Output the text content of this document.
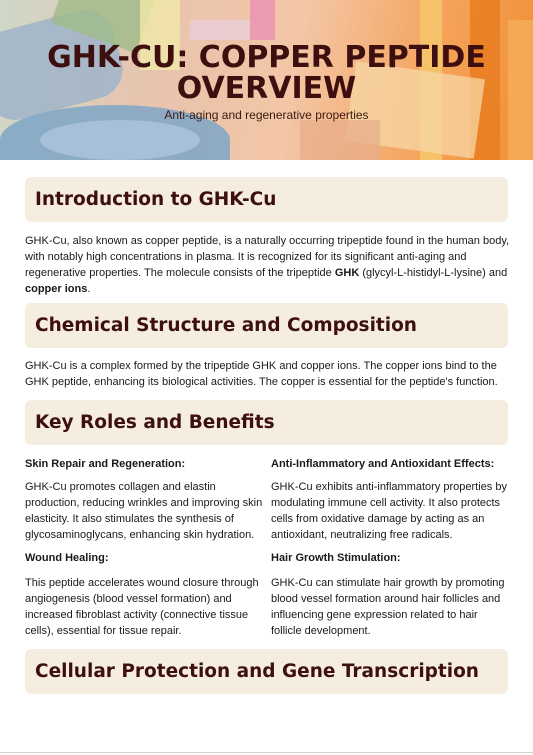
GHK-CU: COPPER PEPTIDE OVERVIEW

Anti-aging and regenerative properties

Introduction to GHK-Cu

GHK-Cu, also known as copper peptide, is a naturally occurring tripeptide found in the human body, with notably high concentrations in plasma. It is recognized for its significant anti-aging and regenerative properties. The molecule consists of the tripeptide GHK (glycyl-L-histidyl-L-lysine) and copper ions.

Chemical Structure and Composition

GHK-Cu is a complex formed by the tripeptide GHK and copper ions. The copper ions bind to the GHK peptide, enhancing its biological activities. The copper is essential for the peptide's function.

Key Roles and Benefits

Skin Repair and Regeneration:

GHK-Cu promotes collagen and elastin production, reducing wrinkles and improving skin elasticity. It also stimulates the synthesis of glycosaminoglycans, enhancing skin hydration.

Anti-Inflammatory and Antioxidant Effects:

GHK-Cu exhibits anti-inflammatory properties by modulating immune cell activity. It also protects cells from oxidative damage by acting as an antioxidant, neutralizing free radicals.

Wound Healing:

This peptide accelerates wound closure through angiogenesis (blood vessel formation) and increased fibroblast activity (connective tissue cells), essential for tissue repair.

Hair Growth Stimulation:

GHK-Cu can stimulate hair growth by promoting blood vessel formation around hair follicles and influencing gene expression related to hair follicle development.

Cellular Protection and Gene Transcription
